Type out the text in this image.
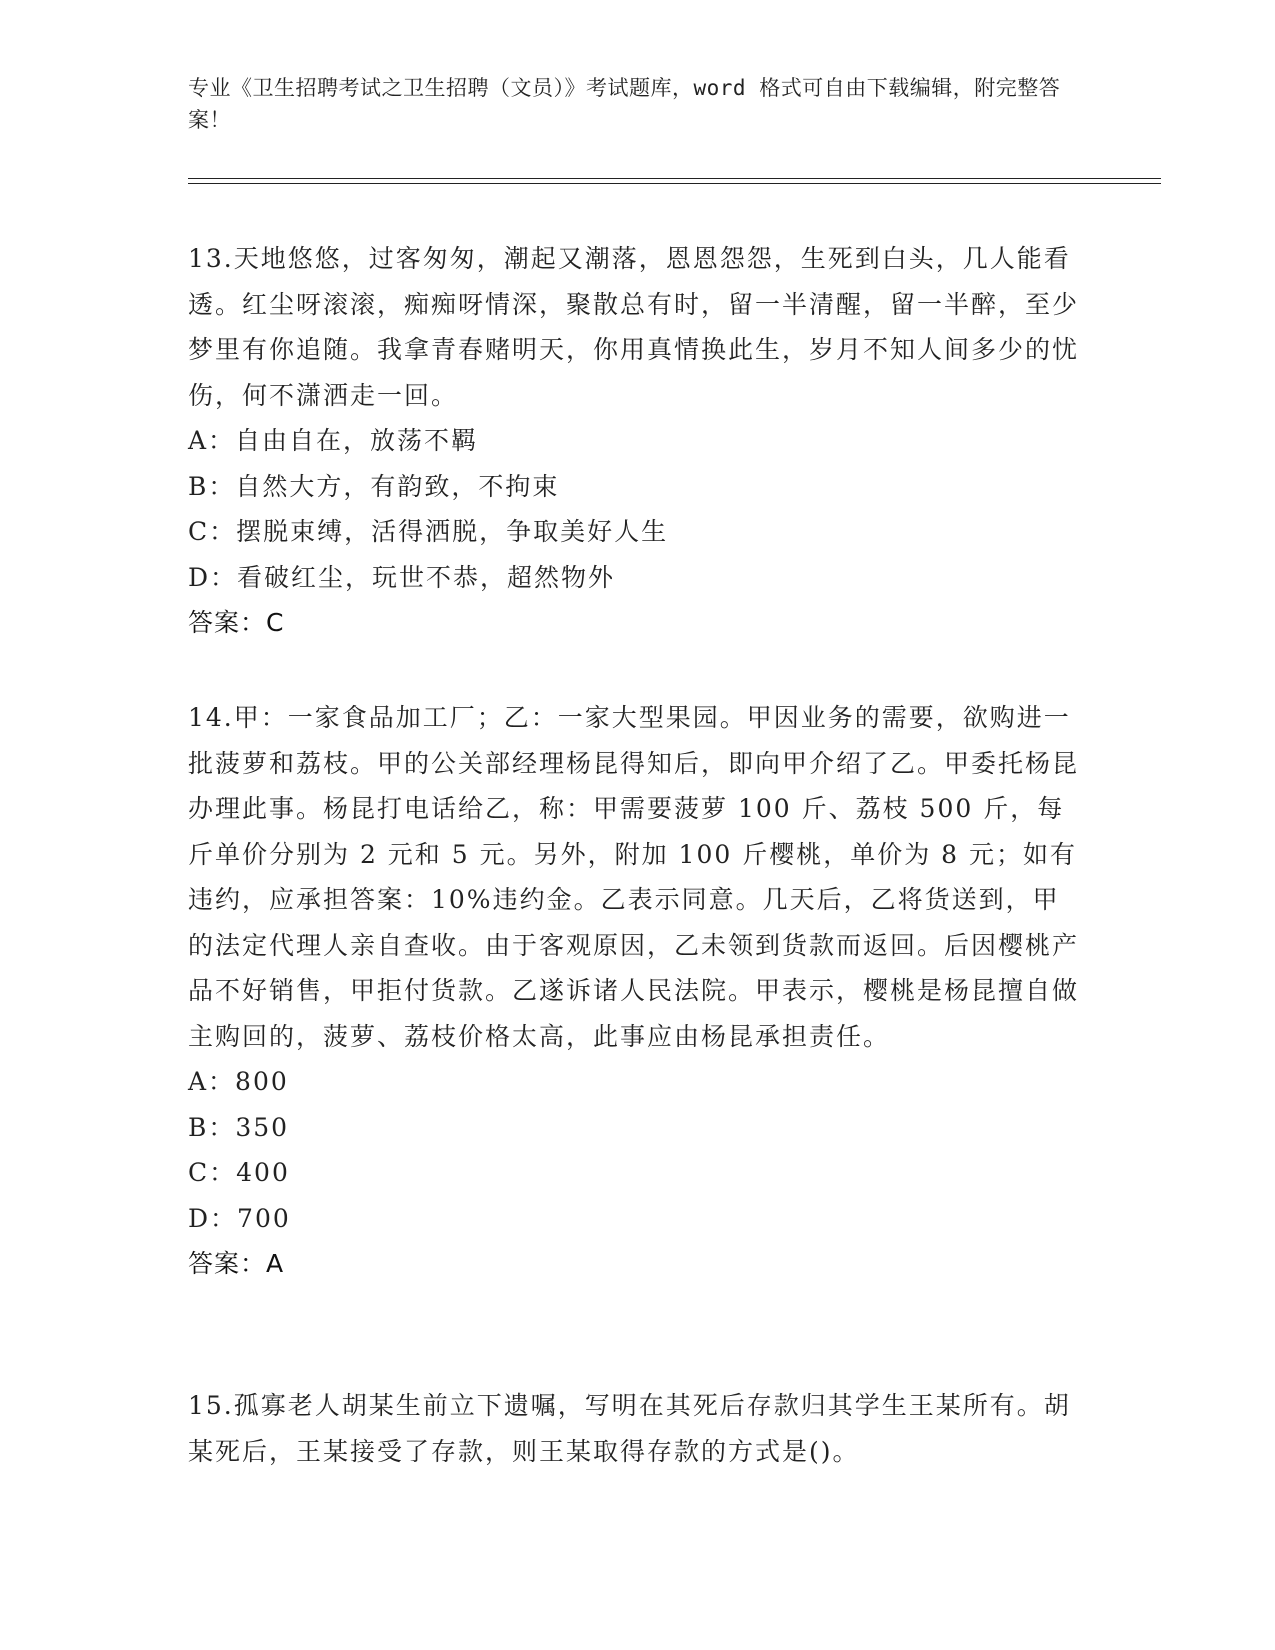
专业《卫生招聘考试之卫生招聘（文员）》考试题库，word 格式可自由下载编辑，附完整答案！

13.天地悠悠，过客匆匆，潮起又潮落，恩恩怨怨，生死到白头，几人能看透。红尘呀滚滚，痴痴呀情深，聚散总有时，留一半清醒，留一半醉，至少梦里有你追随。我拿青春赌明天，你用真情换此生，岁月不知人间多少的忧伤，何不潇洒走一回。

A：自由自在，放荡不羁

B：自然大方，有韵致，不拘束

C：摆脱束缚，活得洒脱，争取美好人生

D：看破红尘，玩世不恭，超然物外

答案：C

14.甲：一家食品加工厂；乙：一家大型果园。甲因业务的需要，欲购进一批菠萝和荔枝。甲的公关部经理杨昆得知后，即向甲介绍了乙。甲委托杨昆办理此事。杨昆打电话给乙，称：甲需要菠萝 100 斤、荔枝 500 斤，每斤单价分别为 2 元和 5 元。另外，附加 100 斤樱桃，单价为 8 元；如有违约，应承担答案：10%违约金。乙表示同意。几天后，乙将货送到，甲的法定代理人亲自查收。由于客观原因，乙未领到货款而返回。后因樱桃产品不好销售，甲拒付货款。乙遂诉诸人民法院。甲表示，樱桃是杨昆擅自做主购回的，菠萝、荔枝价格太高，此事应由杨昆承担责任。

A：800

B：350

C：400

D：700

答案：A

15.孤寡老人胡某生前立下遗嘱，写明在其死后存款归其学生王某所有。胡某死后，王某接受了存款，则王某取得存款的方式是()。
